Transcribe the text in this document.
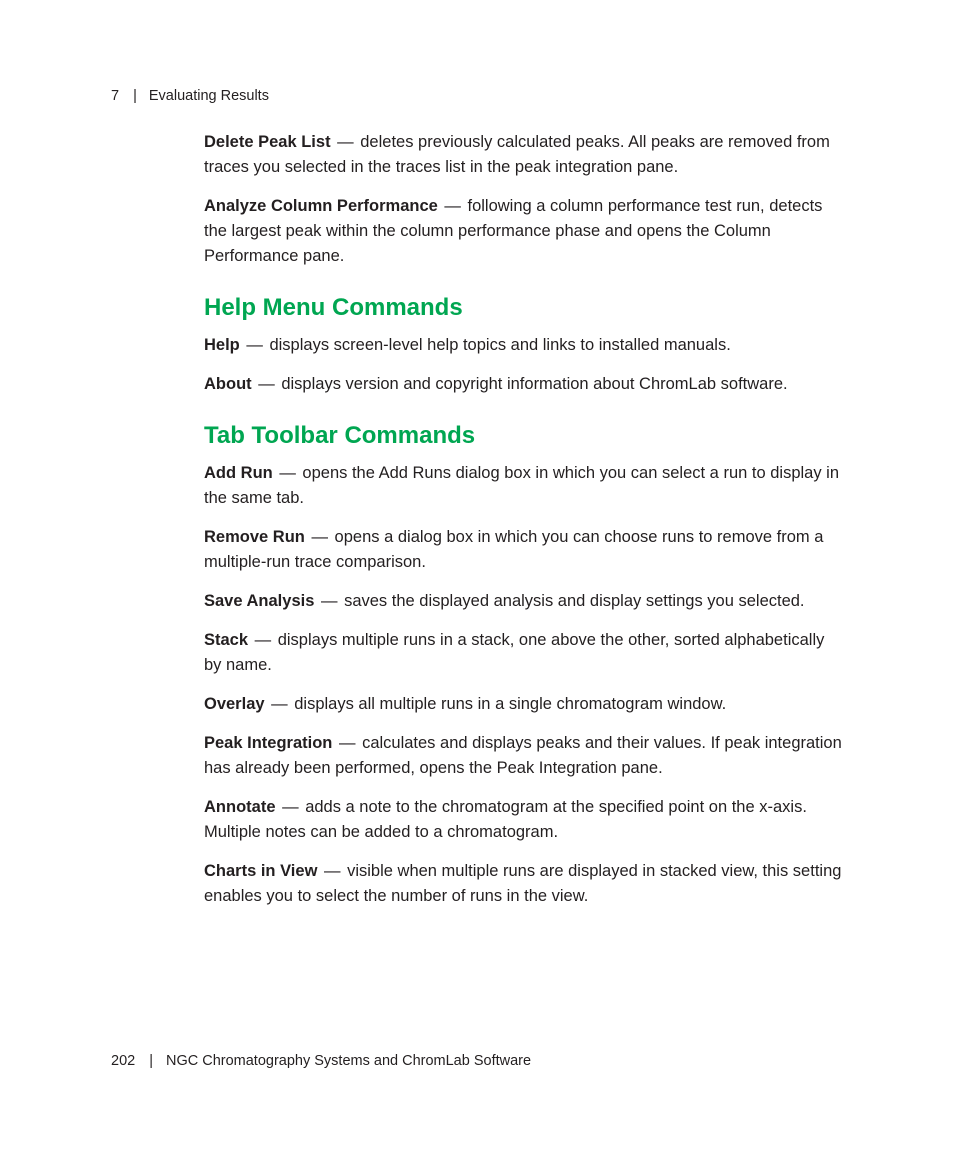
7 | Evaluating Results

Delete Peak List — deletes previously calculated peaks. All peaks are removed from traces you selected in the traces list in the peak integration pane.

Analyze Column Performance — following a column performance test run, detects the largest peak within the column performance phase and opens the Column Performance pane.

Help Menu Commands

Help — displays screen-level help topics and links to installed manuals.

About — displays version and copyright information about ChromLab software.

Tab Toolbar Commands

Add Run — opens the Add Runs dialog box in which you can select a run to display in the same tab.

Remove Run — opens a dialog box in which you can choose runs to remove from a multiple-run trace comparison.

Save Analysis — saves the displayed analysis and display settings you selected.

Stack — displays multiple runs in a stack, one above the other, sorted alphabetically by name.

Overlay — displays all multiple runs in a single chromatogram window.

Peak Integration — calculates and displays peaks and their values. If peak integration has already been performed, opens the Peak Integration pane.

Annotate — adds a note to the chromatogram at the specified point on the x-axis. Multiple notes can be added to a chromatogram.

Charts in View — visible when multiple runs are displayed in stacked view, this setting enables you to select the number of runs in the view.

202 | NGC Chromatography Systems and ChromLab Software
